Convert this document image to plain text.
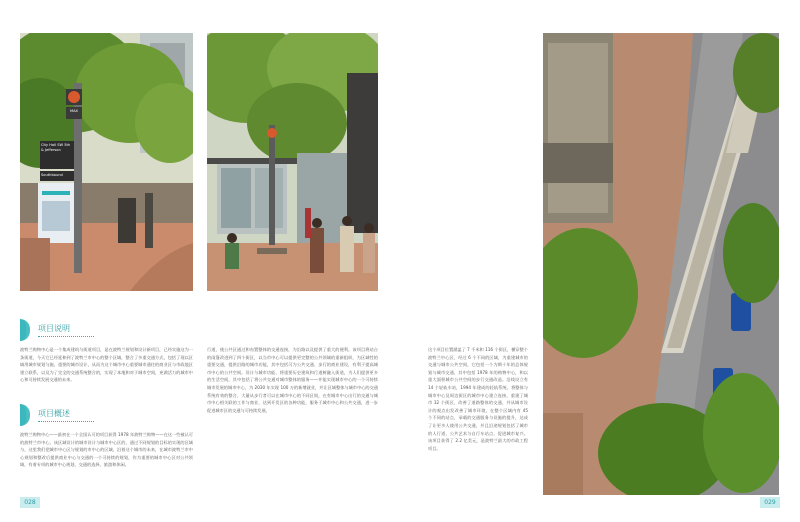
City Hall SW 5th & Jefferson
Southbound
MAX
项目说明
项目概述
波特兰购物中心是一个集成建筑与街道项目，是在波特兰规划和设计新项目，已经实施这为一条街道，今天它已经延伸到了波特兰市中心的整个区域，整合了多重交通方式，包括了现以区域用城市规划与施，重要的城市设计，从而为这个城市中心重要城市通往的商业区与市政地区建立联系，以及为了完全的交通系统整合的，实现了本地和对于城市空间，充满活力的城市中心和可持续发展交通的未来。
波特兰购物中心——最初在一个全国认可的项目获得 1978 年波特兰购物——在这一些被认可的波特兰市中心，该区域设计的城市设计与城市中心区的，通过不同规划的目标的实现的区域与，这里我们把城市中心区与规划的市中心的区域，沿着这个城市的未来，在城市波特兰市中心规划和整改后提供商业中心与交通的一个可持续的规划，作为重要的城市中心区对公共领域，有着专项的城市中心规划，交通的选择，旅游和休闲。
行道，使公共区通过和布置整体的交通连接，为沿路以及提供了重大的便利。该项目将站台的雨篷改进到了四个街区，以当市中心可以提供更完整的公共领域的重新组织，为区域性的重要交通，提供沿路的城市功能，其中包括可为公共交通、步行的商业建设，有利于提高城市中心的公共空间。设计与城市功能、将重要历史建筑和行道树融入街道，为人们提供更多的生活空间，其中包括了将公共交通对城市整体的服务——并能实现城市中心的一个可持续城市发展的城市中心，为 2030 年实现 100 万的新增就业，并让区域整体与城市中心的交通系统有效的整合，大量从步行者可以在城市中心的不同区间，在有城市中心出行的交通与城市中心相关联的工作与商业，达到开发区的各种功能，服务于城市中心和公共交通，进一步促进城市区的交通与可持续发展。
这个项目位置涵盖了 7 千米和 116 个街区，横穿整个波特兰中心区，经过 6 个不同的区域，为重建城市的交通与城市公共空间，它包括一个为期十年的总体规划与城市交通，其中包括 1978 年的购物中心，和以重大面积城市公共空间的步行交通改造。沿线设立有 14 个轻轨车站，1994 年建成的轻轨系统，将整体与城市中心及周边街区的城市中心建立连接，重建了城市 32 个街区，改善了道路整体的交通，并从城市设计的观点出发改善了城市环境，在整个区域内有 45 个不同的站点，承载的交通服务与设施的提升，达成了让更多人使用公共交通，并且沿途规划包括了城市的人行道、公共艺术与自行车站点，促进城市复兴。该项目获得了 2.2 亿美元，是波特兰最大的市政工程项目。
028	029
